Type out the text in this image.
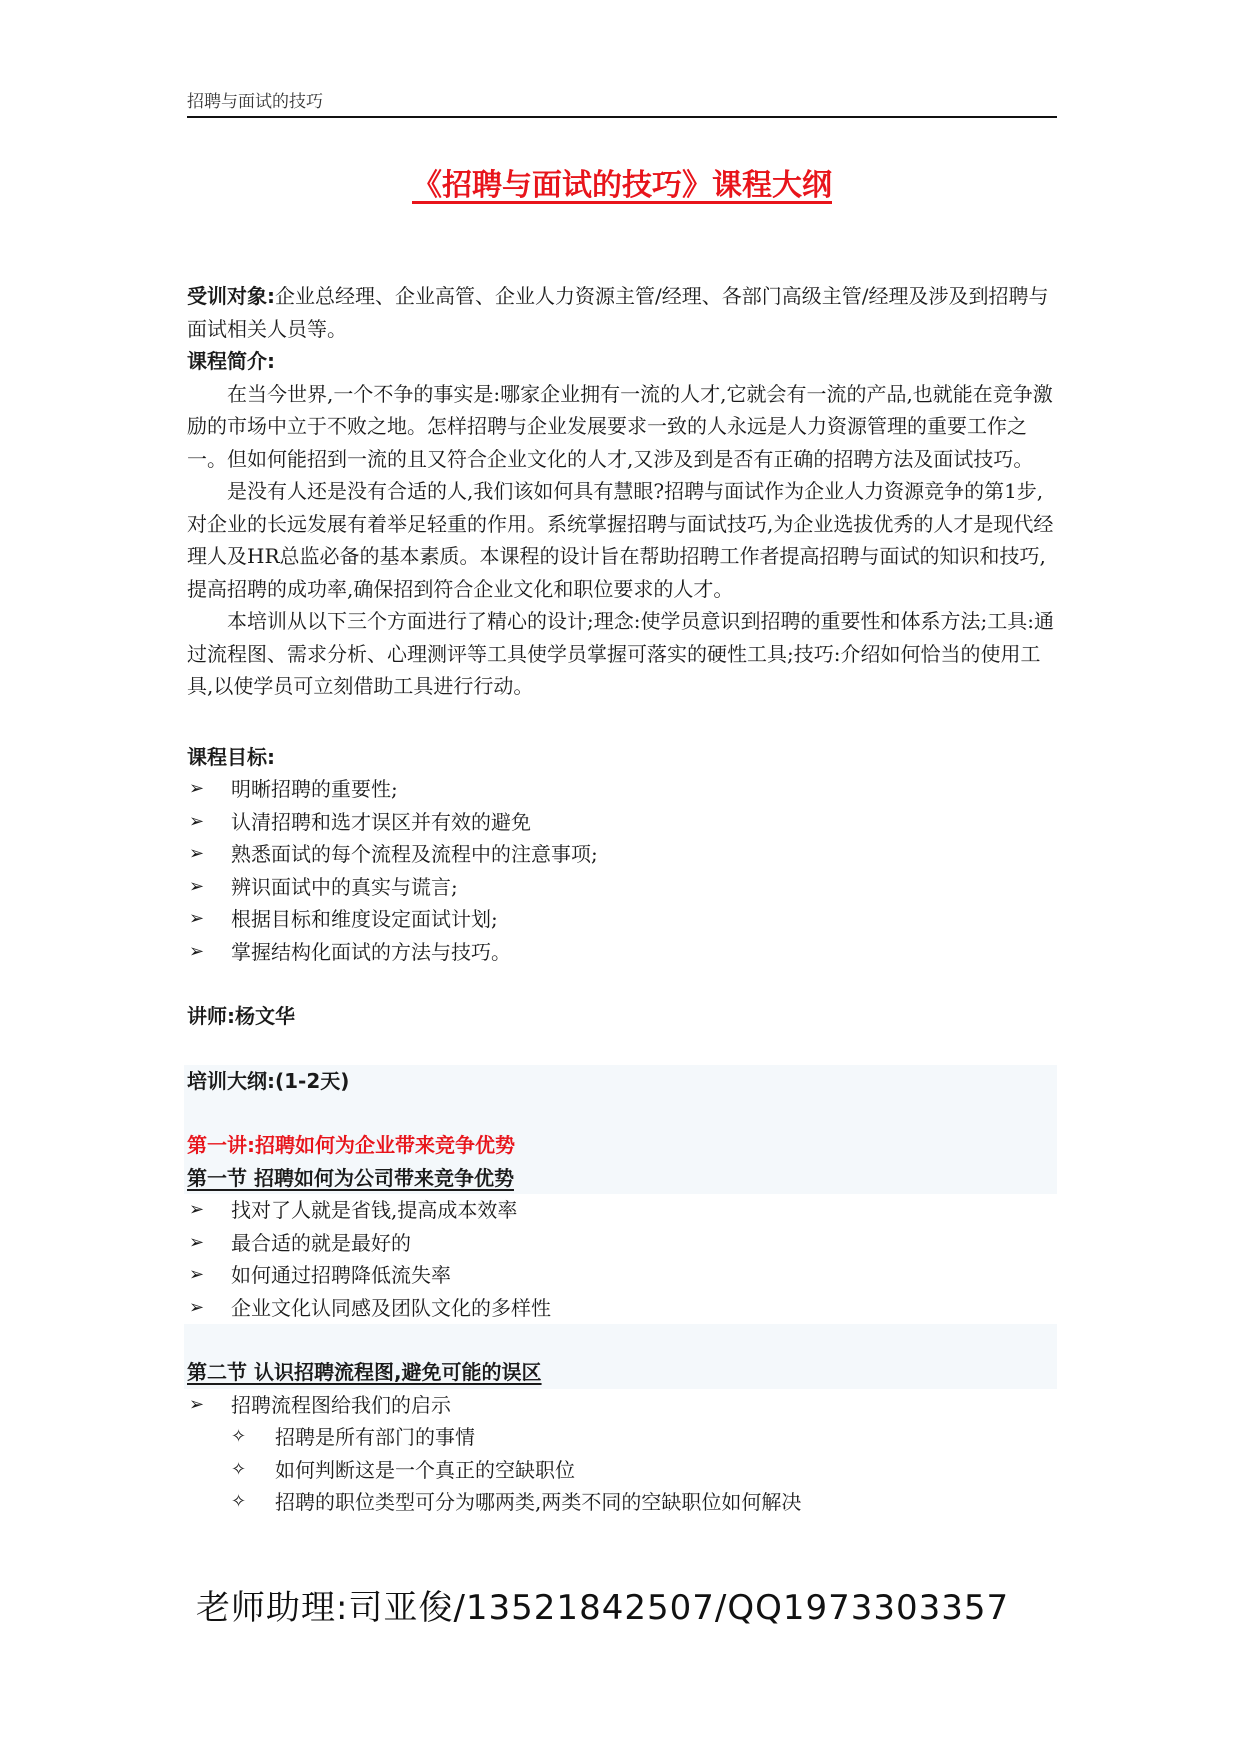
招聘与面试的技巧
《招聘与面试的技巧》课程大纲

受训对象:企业总经理、企业高管、企业人力资源主管/经理、各部门高级主管/经理及涉及到招聘与面试相关人员等。

课程简介:

在当今世界,一个不争的事实是:哪家企业拥有一流的人才,它就会有一流的产品,也就能在竞争激励的市场中立于不败之地。怎样招聘与企业发展要求一致的人永远是人力资源管理的重要工作之一。但如何能招到一流的且又符合企业文化的人才,又涉及到是否有正确的招聘方法及面试技巧。

是没有人还是没有合适的人,我们该如何具有慧眼?招聘与面试作为企业人力资源竞争的第1步,对企业的长远发展有着举足轻重的作用。系统掌握招聘与面试技巧,为企业选拔优秀的人才是现代经理人及HR总监必备的基本素质。本课程的设计旨在帮助招聘工作者提高招聘与面试的知识和技巧,提高招聘的成功率,确保招到符合企业文化和职位要求的人才。

本培训从以下三个方面进行了精心的设计;理念:使学员意识到招聘的重要性和体系方法;工具:通过流程图、需求分析、心理测评等工具使学员掌握可落实的硬性工具;技巧:介绍如何恰当的使用工具,以使学员可立刻借助工具进行行动。

课程目标:

➢ 明晰招聘的重要性;
➢ 认清招聘和选才误区并有效的避免
➢ 熟悉面试的每个流程及流程中的注意事项;
➢ 辨识面试中的真实与谎言;
➢ 根据目标和维度设定面试计划;
➢ 掌握结构化面试的方法与技巧。

讲师:杨文华

培训大纲:(1-2天)

第一讲:招聘如何为企业带来竞争优势

第一节 招聘如何为公司带来竞争优势

➢ 找对了人就是省钱,提高成本效率
➢ 最合适的就是最好的
➢ 如何通过招聘降低流失率
➢ 企业文化认同感及团队文化的多样性

第二节 认识招聘流程图,避免可能的误区

➢ 招聘流程图给我们的启示
✧ 招聘是所有部门的事情
✧ 如何判断这是一个真正的空缺职位
✧ 招聘的职位类型可分为哪两类,两类不同的空缺职位如何解决
老师助理:司亚俊/13521842507/QQ1973303357
